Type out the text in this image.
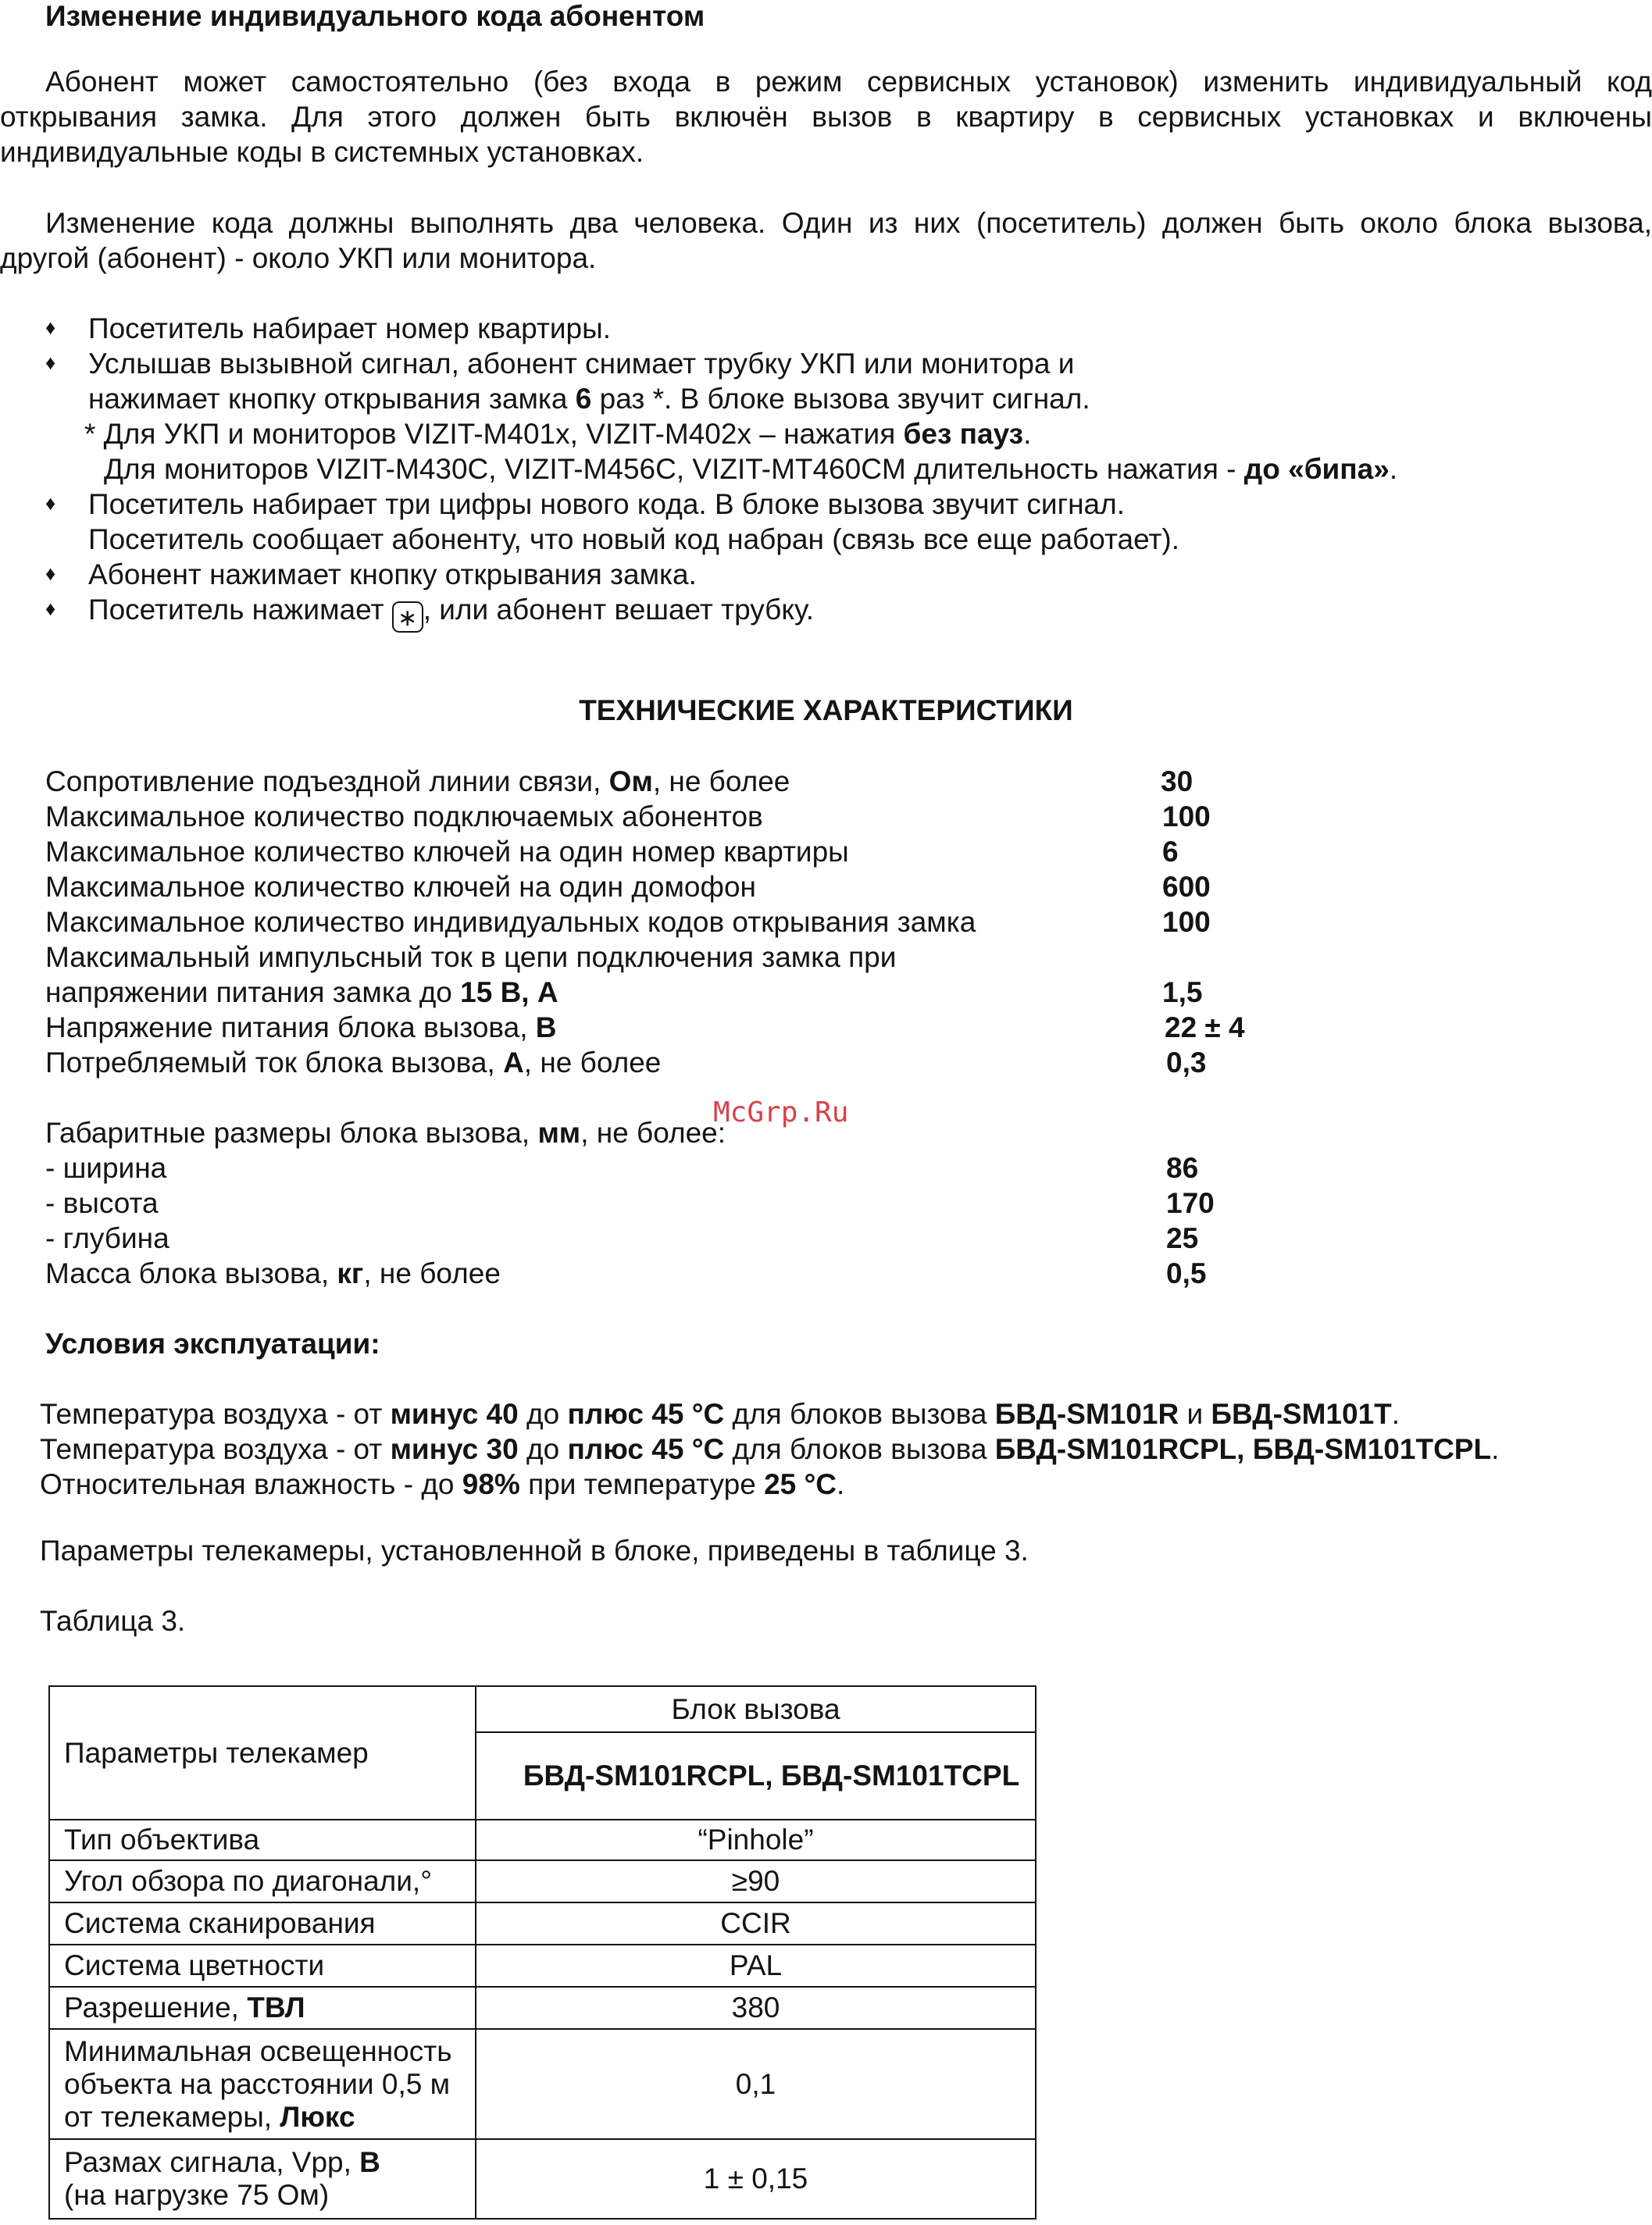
Изменение индивидуального кода абонентом
Абонент может самостоятельно (без входа в режим сервисных установок) изменить индивидуальный код
открывания замка. Для этого должен быть включён вызов в квартиру в сервисных установках и включены
индивидуальные коды в системных установках.
Изменение кода должны выполнять два человека. Один из них (посетитель) должен быть около блока вызова,
другой (абонент) - около УКП или монитора.
♦ Посетитель набирает номер квартиры.
♦ Услышав вызывной сигнал, абонент снимает трубку УКП или монитора и
нажимает кнопку открывания замка 6 раз *. В блоке вызова звучит сигнал.
* Для УКП и мониторов VIZIT-M401x, VIZIT-M402x – нажатия без пауз.
Для мониторов VIZIT-M430C, VIZIT-M456C, VIZIT-MT460CM длительность нажатия - до «бипа».
♦ Посетитель набирает три цифры нового кода. В блоке вызова звучит сигнал.
Посетитель сообщает абоненту, что новый код набран (связь все еще работает).
♦ Абонент нажимает кнопку открывания замка.
♦ Посетитель нажимает ∗ , или абонент вешает трубку.
ТЕХНИЧЕСКИЕ ХАРАКТЕРИСТИКИ
Сопротивление подъездной линии связи, Ом, не более	30
Максимальное количество подключаемых абонентов	100
Максимальное количество ключей на один номер квартиры	6
Максимальное количество ключей на один домофон	600
Максимальное количество индивидуальных кодов открывания замка	100
Максимальный импульсный ток в цепи подключения замка при
напряжении питания замка до 15 В, А	1,5
Напряжение питания блока вызова, В	22 ± 4
Потребляемый ток блока вызова, А, не более	0,3
McGrp.Ru
Габаритные размеры блока вызова, мм, не более:
- ширина	86
- высота	170
- глубина	25
Масса блока вызова, кг, не более	0,5
Условия эксплуатации:
Температура воздуха - от минус 40 до плюс 45 °С для блоков вызова БВД-SM101R и БВД-SM101T.
Температура воздуха - от минус 30 до плюс 45 °С для блоков вызова БВД-SM101RCPL, БВД-SM101TCPL.
Относительная влажность - до 98% при температуре 25 °С.
Параметры телекамеры, установленной в блоке, приведены в таблице 3.
Таблица 3.
Параметры телекамер	Блок вызова
	БВД-SM101RCPL, БВД-SM101TCPL
Тип объектива	“Pinhole”
Угол обзора по диагонали,°	≥90
Система сканирования	CCIR
Система цветности	PAL
Разрешение, ТВЛ	380

Минимальная освещенность
объекта на расстоянии 0,5 м
от телекамеры, Люкс	0,1

Размах сигнала, Vpp, В
(на нагрузке 75 Ом)	1 ± 0,15
